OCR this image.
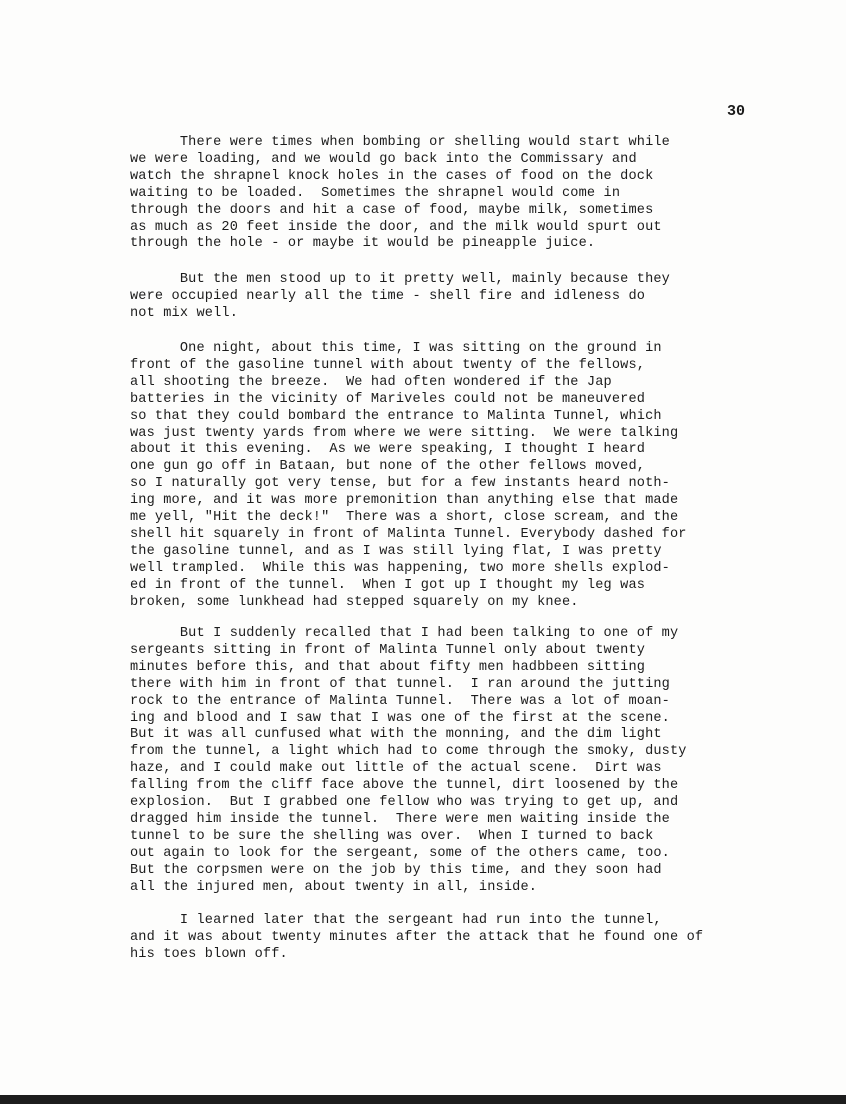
30
There were times when bombing or shelling would start while
we were loading, and we would go back into the Commissary and
watch the shrapnel knock holes in the cases of food on the dock
waiting to be loaded.  Sometimes the shrapnel would come in
through the doors and hit a case of food, maybe milk, sometimes
as much as 20 feet inside the door, and the milk would spurt out
through the hole - or maybe it would be pineapple juice.
But the men stood up to it pretty well, mainly because they
were occupied nearly all the time - shell fire and idleness do
not mix well.
One night, about this time, I was sitting on the ground in
front of the gasoline tunnel with about twenty of the fellows,
all shooting the breeze.  We had often wondered if the Jap
batteries in the vicinity of Mariveles could not be maneuvered
so that they could bombard the entrance to Malinta Tunnel, which
was just twenty yards from where we were sitting.  We were talking
about it this evening.  As we were speaking, I thought I heard
one gun go off in Bataan, but none of the other fellows moved,
so I naturally got very tense, but for a few instants heard noth-
ing more, and it was more premonition than anything else that made
me yell, "Hit the deck!"  There was a short, close scream, and the
shell hit squarely in front of Malinta Tunnel. Everybody dashed for
the gasoline tunnel, and as I was still lying flat, I was pretty
well trampled.  While this was happening, two more shells explod-
ed in front of the tunnel.  When I got up I thought my leg was
broken, some lunkhead had stepped squarely on my knee.
But I suddenly recalled that I had been talking to one of my
sergeants sitting in front of Malinta Tunnel only about twenty
minutes before this, and that about fifty men hadbbeen sitting
there with him in front of that tunnel.  I ran around the jutting
rock to the entrance of Malinta Tunnel.  There was a lot of moan-
ing and blood and I saw that I was one of the first at the scene.
But it was all cunfused what with the monning, and the dim light
from the tunnel, a light which had to come through the smoky, dusty
haze, and I could make out little of the actual scene.  Dirt was
falling from the cliff face above the tunnel, dirt loosened by the
explosion.  But I grabbed one fellow who was trying to get up, and
dragged him inside the tunnel.  There were men waiting inside the
tunnel to be sure the shelling was over.  When I turned to back
out again to look for the sergeant, some of the others came, too.
But the corpsmen were on the job by this time, and they soon had
all the injured men, about twenty in all, inside.
I learned later that the sergeant had run into the tunnel,
and it was about twenty minutes after the attack that he found one of
his toes blown off.
